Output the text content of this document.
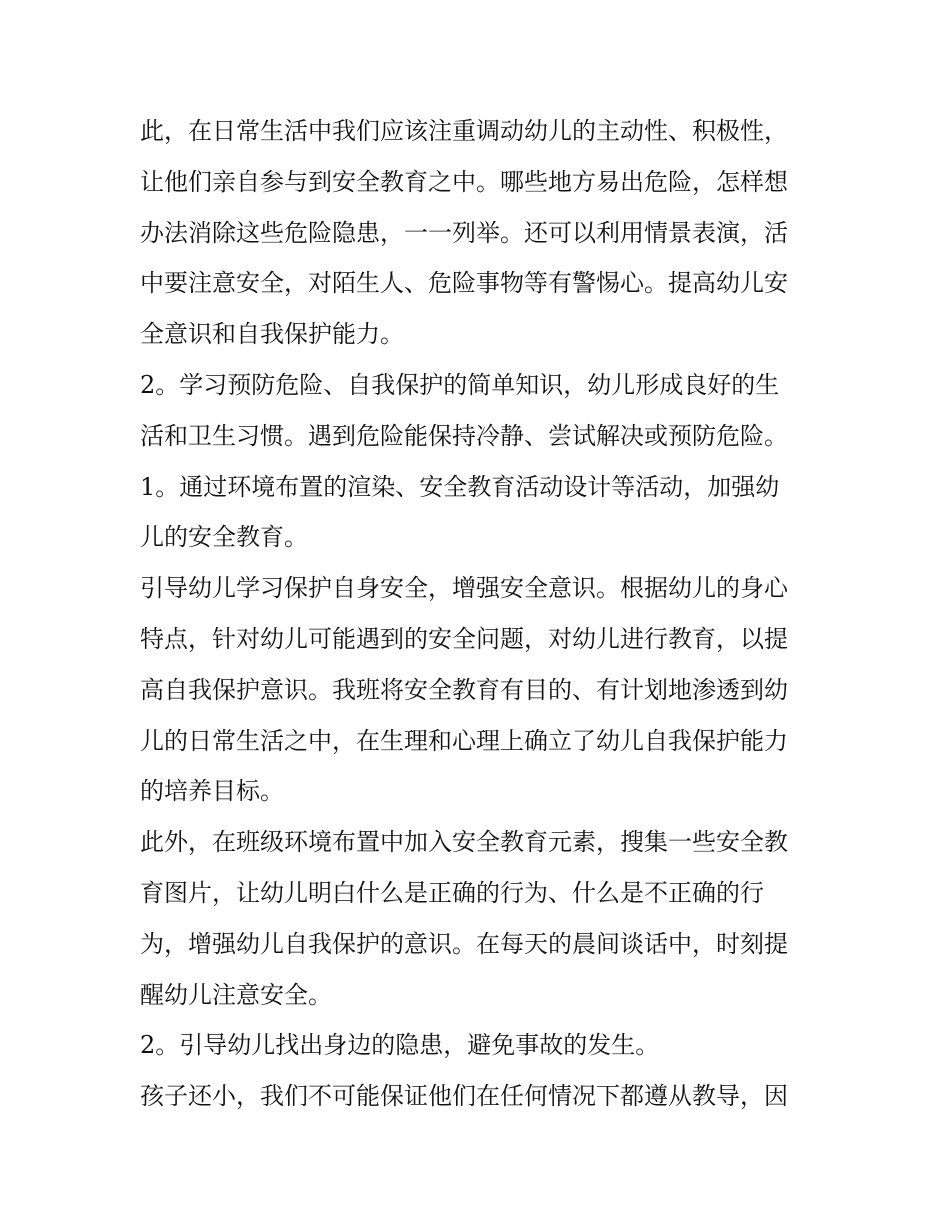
此，在日常生活中我们应该注重调动幼儿的主动性、积极性，
让他们亲自参与到安全教育之中。哪些地方易出危险，怎样想
办法消除这些危险隐患，一一列举。还可以利用情景表演，活
中要注意安全，对陌生人、危险事物等有警惕心。提高幼儿安
全意识和自我保护能力。
2。学习预防危险、自我保护的简单知识，幼儿形成良好的生
活和卫生习惯。遇到危险能保持冷静、尝试解决或预防危险。
1。通过环境布置的渲染、安全教育活动设计等活动，加强幼
儿的安全教育。
引导幼儿学习保护自身安全，增强安全意识。根据幼儿的身心
特点，针对幼儿可能遇到的安全问题，对幼儿进行教育，以提
高自我保护意识。我班将安全教育有目的、有计划地渗透到幼
儿的日常生活之中，在生理和心理上确立了幼儿自我保护能力
的培养目标。
此外，在班级环境布置中加入安全教育元素，搜集一些安全教
育图片，让幼儿明白什么是正确的行为、什么是不正确的行
为，增强幼儿自我保护的意识。在每天的晨间谈话中，时刻提
醒幼儿注意安全。
2。引导幼儿找出身边的隐患，避免事故的发生。
孩子还小，我们不可能保证他们在任何情况下都遵从教导，因
